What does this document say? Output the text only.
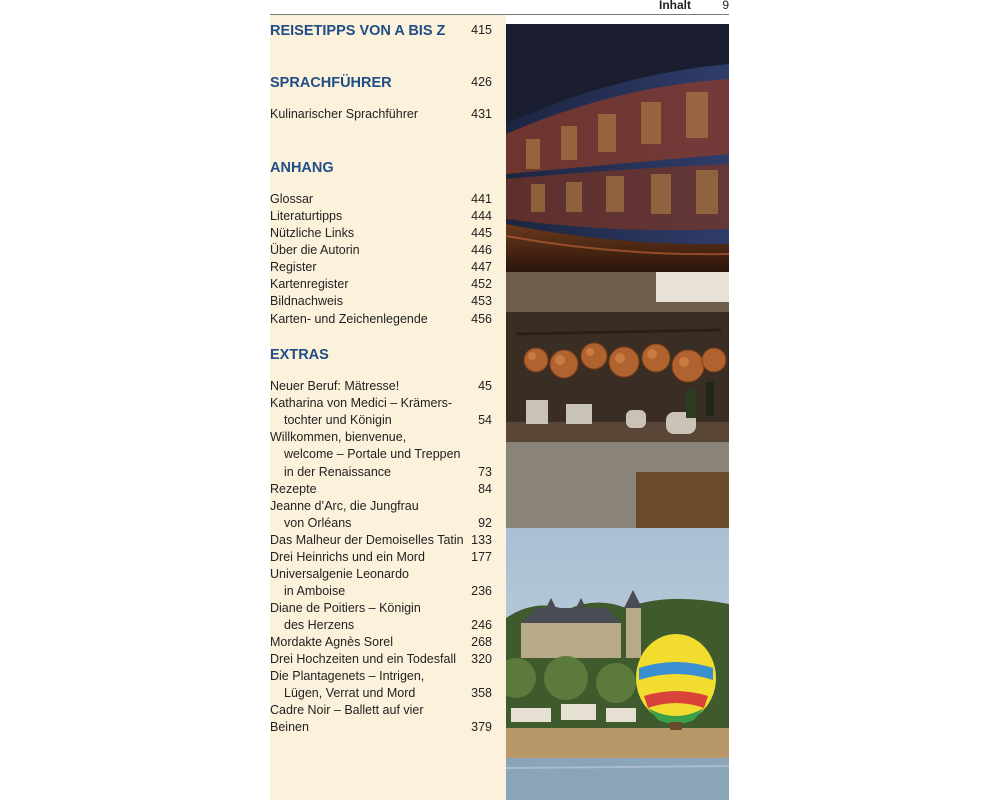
Inhalt	9
REISETIPPS VON A BIS Z 415
SPRACHFÜHRER	426
Kulinarischer Sprachführer	431
ANHANG
Glossar	441
Literaturtipps	444
Nützliche Links	445
Über die Autorin	446
Register	447
Kartenregister	452
Bildnachweis	453
Karten- und Zeichenlegende	456
EXTRAS
Neuer Beruf: Mätresse!	45
Katharina von Medici – Krämers-
tochter und Königin	54
Willkommen, bienvenue,
welcome – Portale und Treppen
in der Renaissance	73
Rezepte	84
Jeanne d’Arc, die Jungfrau
von Orléans	92
Das Malheur der Demoiselles Tatin 133
Drei Heinrichs und ein Mord	177
Universalgenie Leonardo
in Amboise	236
Diane de Poitiers – Königin
des Herzens	246
Mordakte Agnès Sorel	268
Drei Hochzeiten und ein Todesfall 320
Die Plantagenets – Intrigen,
Lügen, Verrat und Mord	358
Cadre Noir – Ballett auf vier
Beinen	379
